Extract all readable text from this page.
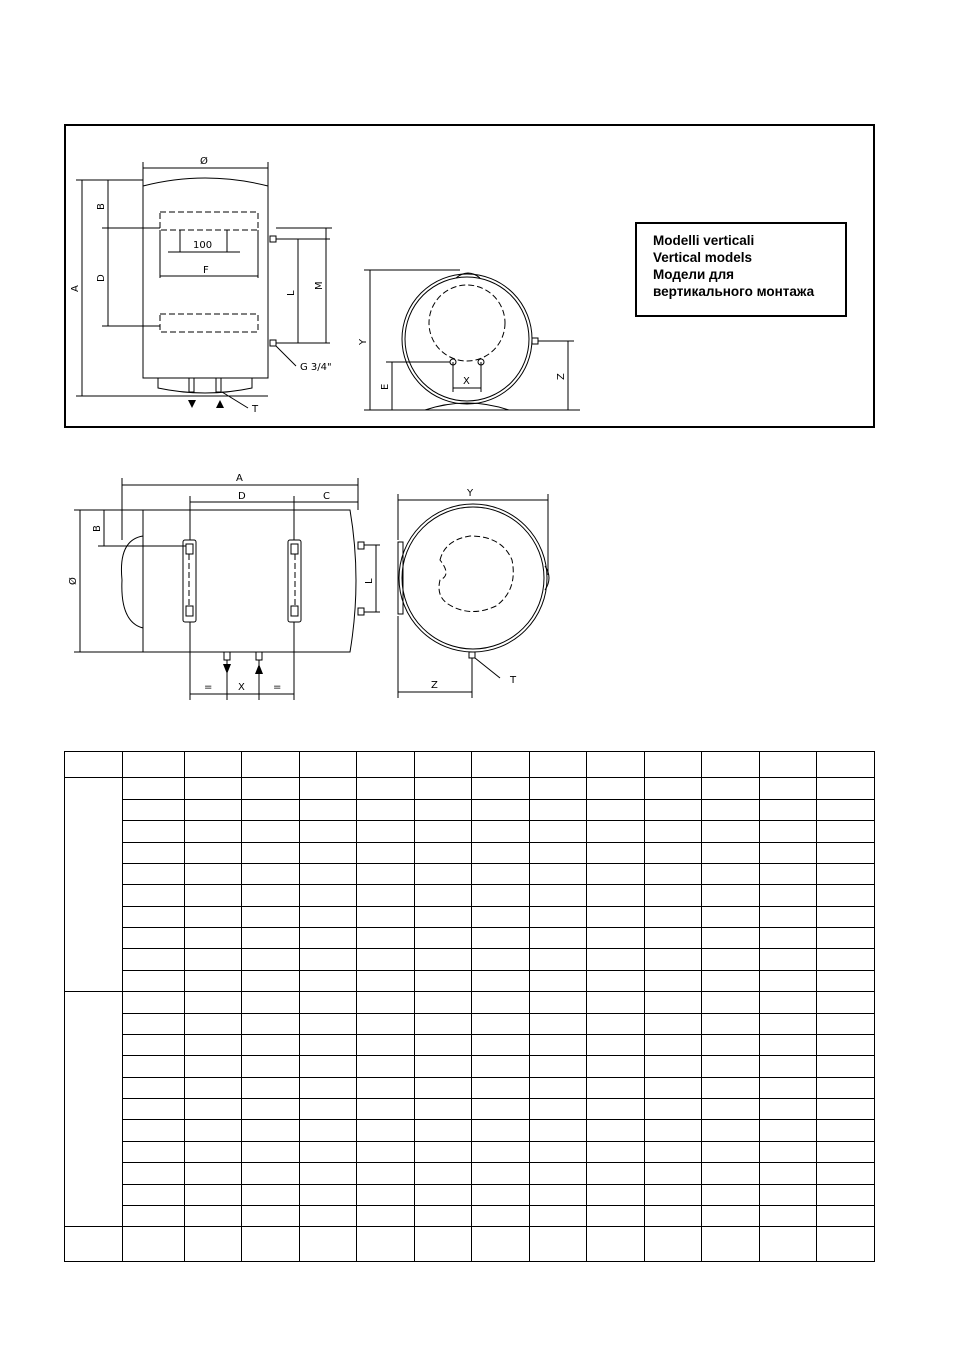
Ø
A
B
D
100
F
L
M
G 3/4"
T
Y
E	X	Z
Modelli verticali
Vertical models
Модели для
вертикального монтажа
A
D	C
B
Ø	L
=	X	=
Y
Z	T
